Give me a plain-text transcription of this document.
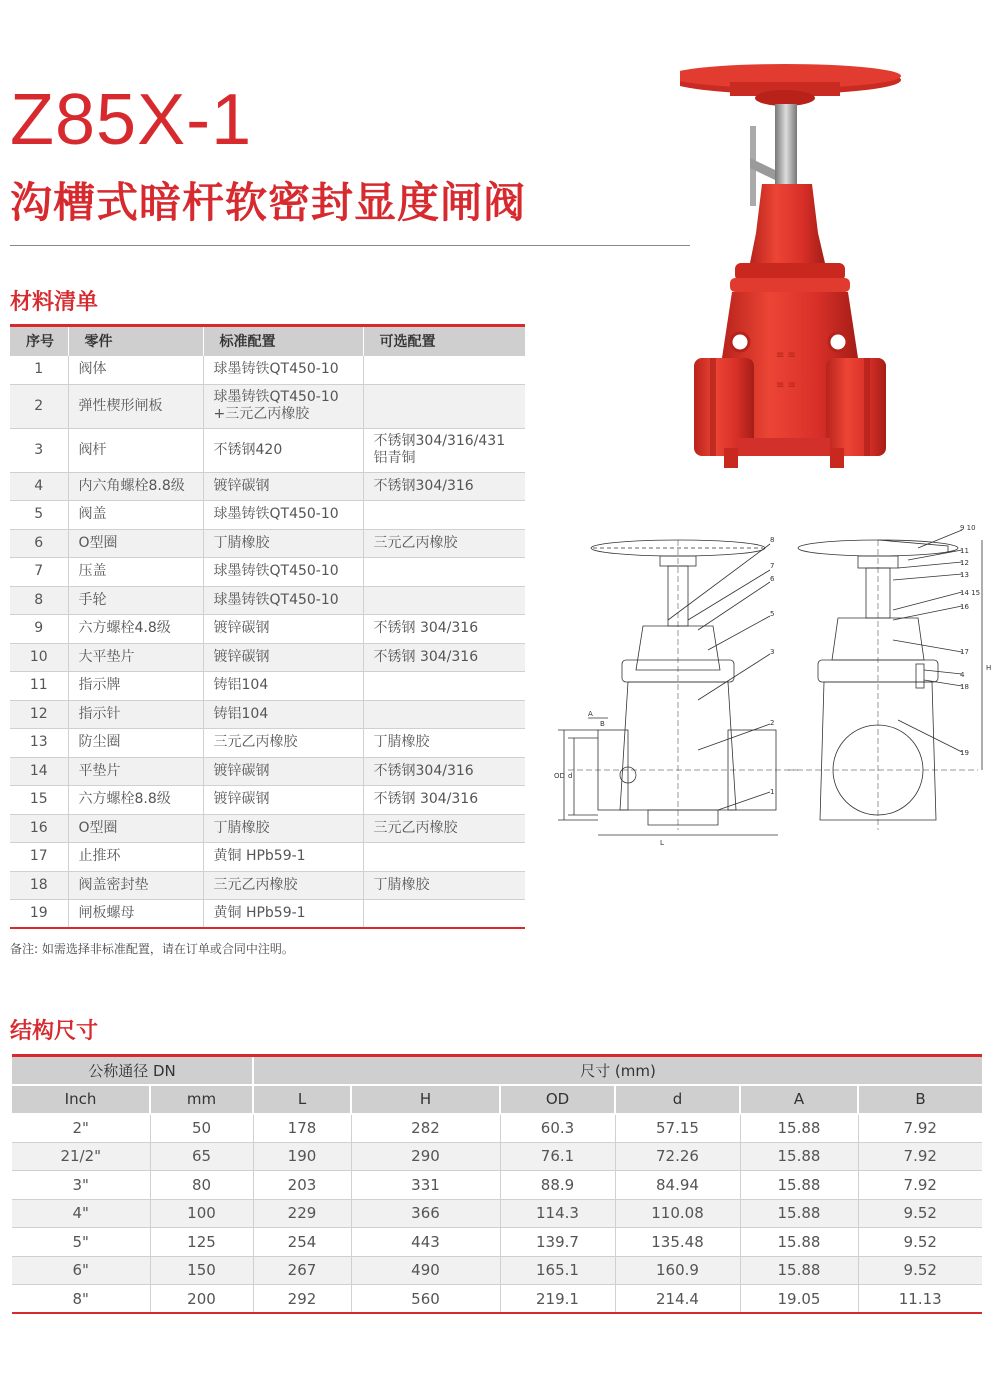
Z85X-1
沟槽式暗杆软密封显度闸阀
≡ ≡
≡ ≡
8
7
6
5
3
2
1
9 10
11
12
13
14 15
16
17
4
18
19
A
B
OD d
L
H
材料清单
序号	零件	标准配置	可选配置
1	阀体	球墨铸铁QT450-10	
2	弹性楔形闸板	球墨铸铁QT450-10
+三元乙丙橡胶	
3	阀杆	不锈钢420	不锈钢304/316/431
铝青铜
4	内六角螺栓8.8级	镀锌碳钢	不锈钢304/316
5	阀盖	球墨铸铁QT450-10	
6	O型圈	丁腈橡胶	三元乙丙橡胶
7	压盖	球墨铸铁QT450-10	
8	手轮	球墨铸铁QT450-10	
9	六方螺栓4.8级	镀锌碳钢	不锈钢 304/316
10	大平垫片	镀锌碳钢	不锈钢 304/316
11	指示牌	铸铝104	
12	指示针	铸铝104	
13	防尘圈	三元乙丙橡胶	丁腈橡胶
14	平垫片	镀锌碳钢	不锈钢304/316
15	六方螺栓8.8级	镀锌碳钢	不锈钢 304/316
16	O型圈	丁腈橡胶	三元乙丙橡胶
17	止推环	黄铜 HPb59-1	
18	阀盖密封垫	三元乙丙橡胶	丁腈橡胶
19	闸板螺母	黄铜 HPb59-1	
备注: 如需选择非标准配置，请在订单或合同中注明。
结构尺寸
公称通径 DN		尺寸 (mm)					
Inch	mm	L	H	OD	d	A	B
2"	50	178	282	60.3	57.15	15.88	7.92
21/2"	65	190	290	76.1	72.26	15.88	7.92
3"	80	203	331	88.9	84.94	15.88	7.92
4"	100	229	366	114.3	110.08	15.88	9.52
5"	125	254	443	139.7	135.48	15.88	9.52
6"	150	267	490	165.1	160.9	15.88	9.52
8"	200	292	560	219.1	214.4	19.05	11.13
